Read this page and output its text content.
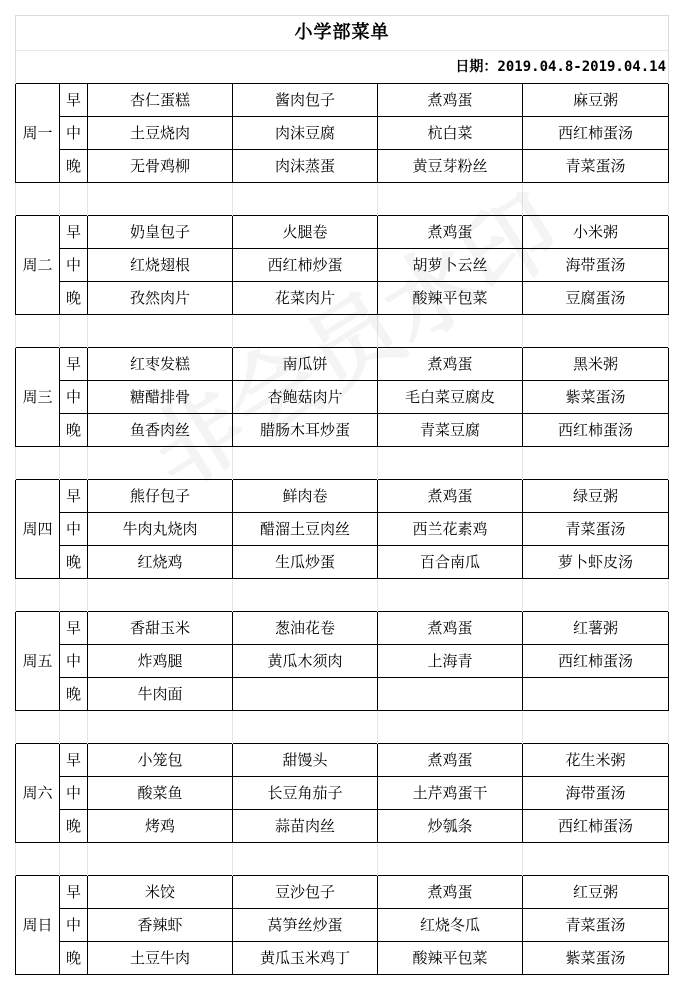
小学部菜单					
日期：2019.04.8-2019.04.14					
周一	早	杏仁蛋糕	酱肉包子	煮鸡蛋	麻豆粥
	中	土豆烧肉	肉沫豆腐	杭白菜	西红柿蛋汤
	晚	无骨鸡柳	肉沫蒸蛋	黄豆芽粉丝	青菜蛋汤

周二	早	奶皇包子	火腿卷	煮鸡蛋	小米粥
	中	红烧翅根	西红柿炒蛋	胡萝卜云丝	海带蛋汤
	晚	孜然肉片	花菜肉片	酸辣平包菜	豆腐蛋汤

周三	早	红枣发糕	南瓜饼	煮鸡蛋	黑米粥
	中	糖醋排骨	杏鲍菇肉片	毛白菜豆腐皮	紫菜蛋汤
	晚	鱼香肉丝	腊肠木耳炒蛋	青菜豆腐	西红柿蛋汤

周四	早	熊仔包子	鲜肉卷	煮鸡蛋	绿豆粥
	中	牛肉丸烧肉	醋溜土豆肉丝	西兰花素鸡	青菜蛋汤
	晚	红烧鸡	生瓜炒蛋	百合南瓜	萝卜虾皮汤

周五	早	香甜玉米	葱油花卷	煮鸡蛋	红薯粥
	中	炸鸡腿	黄瓜木须肉	上海青	西红柿蛋汤
	晚	牛肉面			

周六	早	小笼包	甜馒头	煮鸡蛋	花生米粥
	中	酸菜鱼	长豆角茄子	土芹鸡蛋干	海带蛋汤
	晚	烤鸡	蒜苗肉丝	炒瓠条	西红柿蛋汤

周日	早	米饺	豆沙包子	煮鸡蛋	红豆粥
	中	香辣虾	莴笋丝炒蛋	红烧冬瓜	青菜蛋汤
	晚	土豆牛肉	黄瓜玉米鸡丁	酸辣平包菜	紫菜蛋汤
